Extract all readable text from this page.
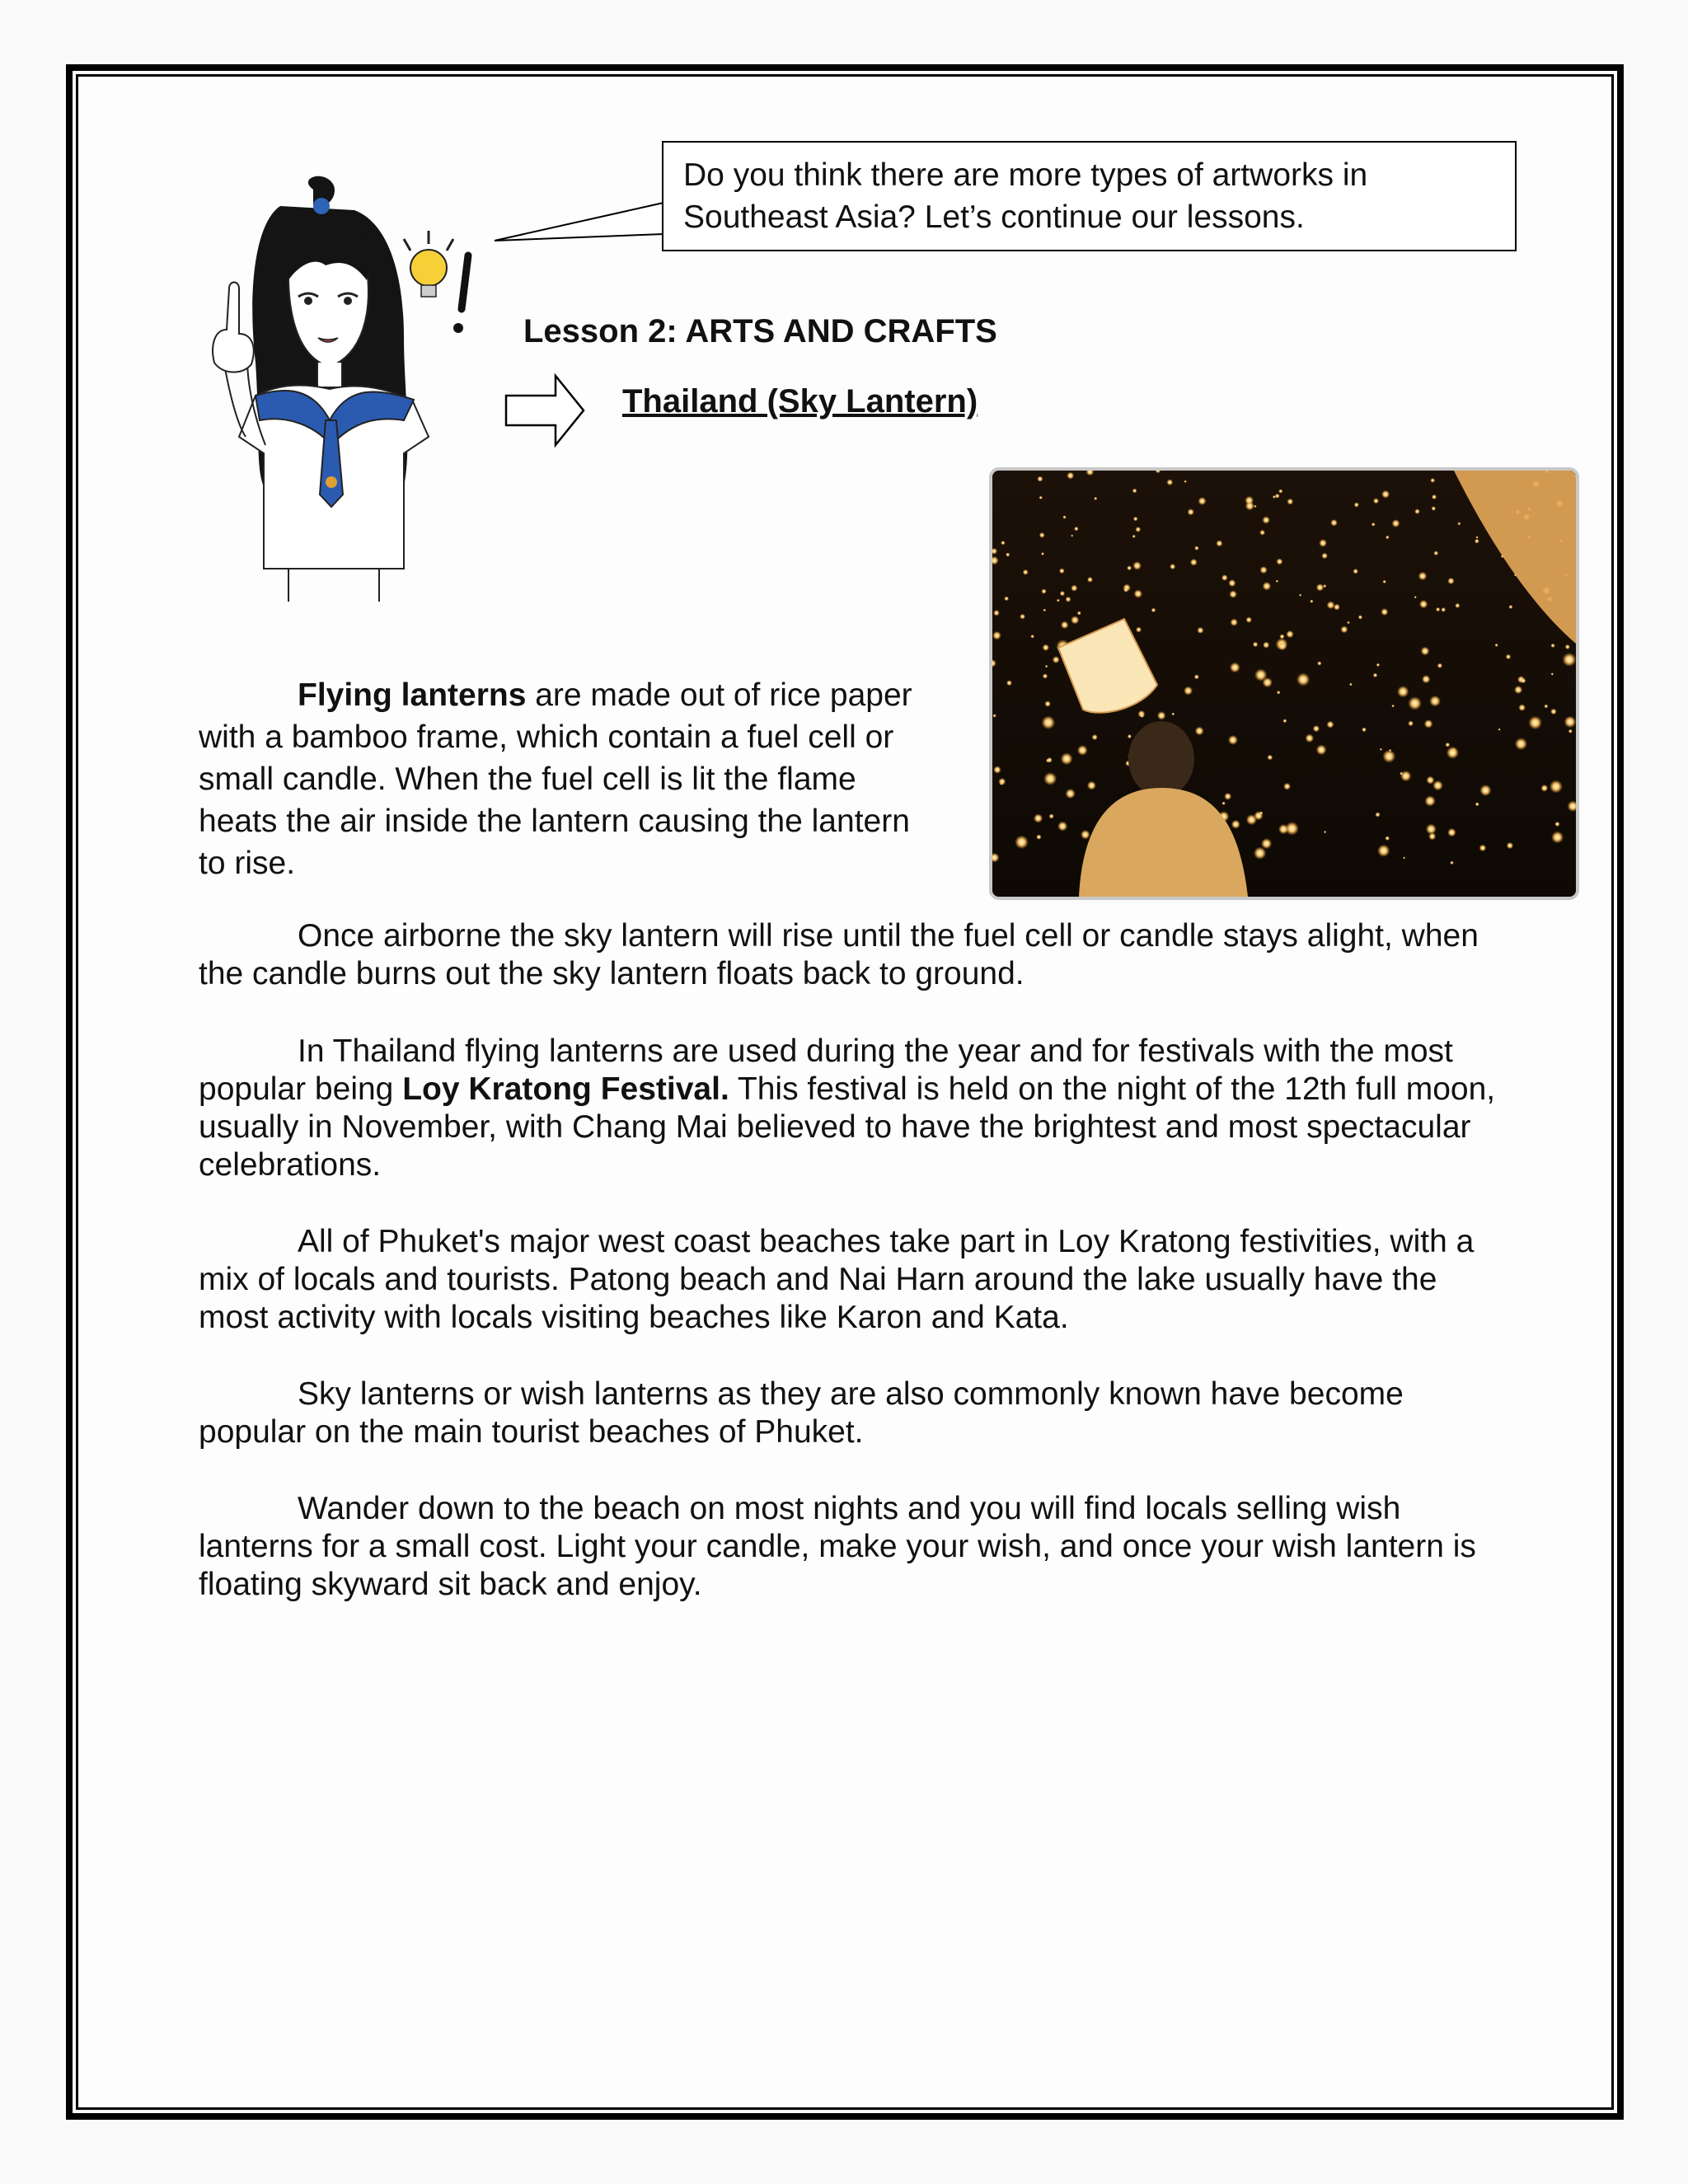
Do you think there are more types of artworks in
Southeast Asia? Let’s continue our lessons.
Lesson 2: ARTS AND CRAFTS
Thailand (Sky Lantern)

Flying lanterns are made out of rice paper with a bamboo frame, which contain a fuel cell or small candle. When the fuel cell is lit the flame heats the air inside the lantern causing the lantern to rise.

Once airborne the sky lantern will rise until the fuel cell or candle stays alight, when the candle burns out the sky lantern floats back to ground.

In Thailand flying lanterns are used during the year and for festivals with the most popular being Loy Kratong Festival. This festival is held on the night of the 12th full moon, usually in November, with Chang Mai believed to have the brightest and most spectacular celebrations.

All of Phuket's major west coast beaches take part in Loy Kratong festivities, with a mix of locals and tourists. Patong beach and Nai Harn around the lake usually have the most activity with locals visiting beaches like Karon and Kata.

Sky lanterns or wish lanterns as they are also commonly known have become popular on the main tourist beaches of Phuket.

Wander down to the beach on most nights and you will find locals selling wish lanterns for a small cost. Light your candle, make your wish, and once your wish lantern is floating skyward sit back and enjoy.
